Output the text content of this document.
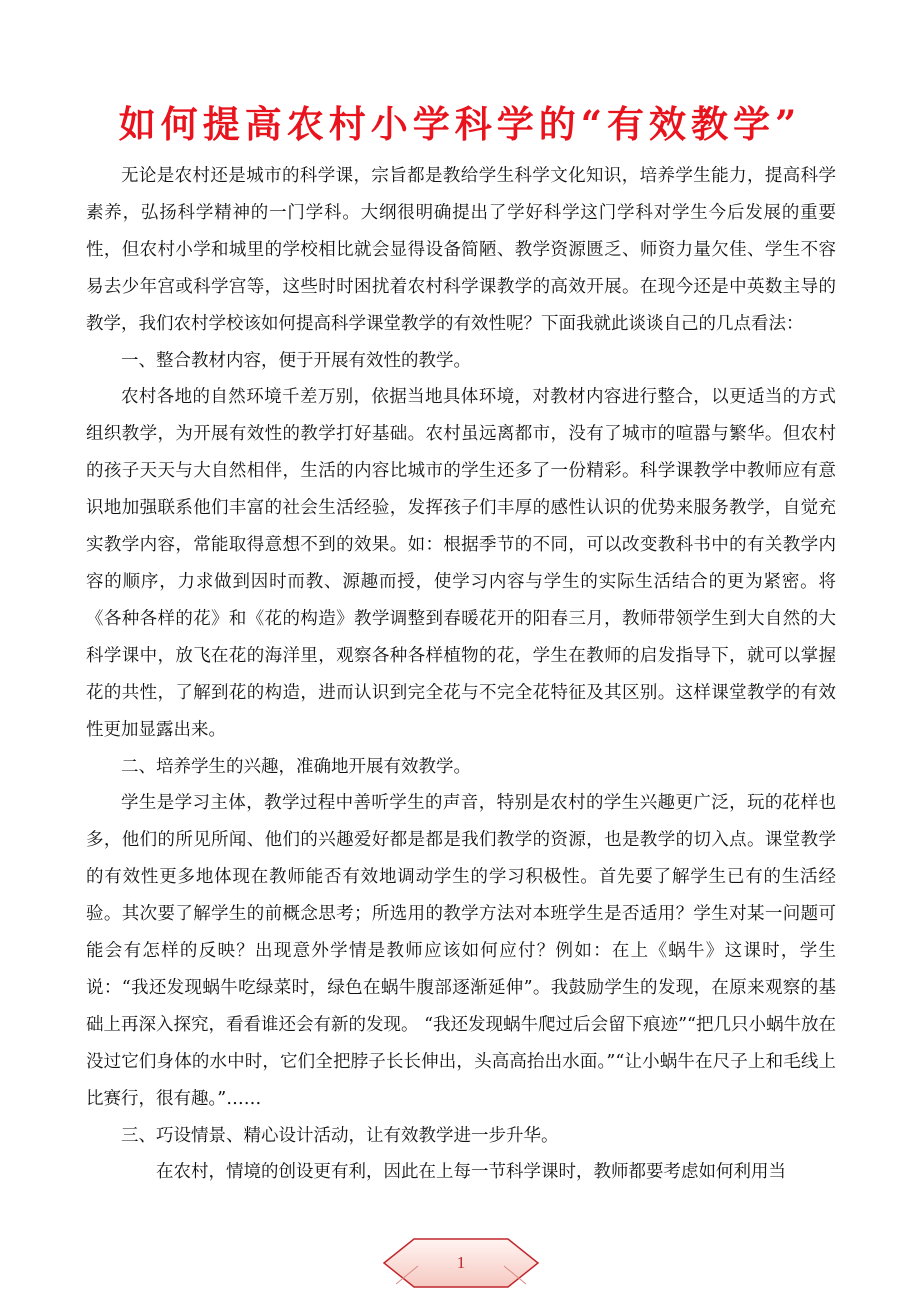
如何提高农村小学科学的“有效教学”

无论是农村还是城市的科学课，宗旨都是教给学生科学文化知识，培养学生能力，提高科学素养，弘扬科学精神的一门学科。大纲很明确提出了学好科学这门学科对学生今后发展的重要性，但农村小学和城里的学校相比就会显得设备简陋、教学资源匮乏、师资力量欠佳、学生不容易去少年宫或科学宫等，这些时时困扰着农村科学课教学的高效开展。在现今还是中英数主导的教学，我们农村学校该如何提高科学课堂教学的有效性呢？下面我就此谈谈自己的几点看法：

一、整合教材内容，便于开展有效性的教学。

农村各地的自然环境千差万别，依据当地具体环境，对教材内容进行整合，以更适当的方式组织教学，为开展有效性的教学打好基础。农村虽远离都市，没有了城市的喧嚣与繁华。但农村的孩子天天与大自然相伴，生活的内容比城市的学生还多了一份精彩。科学课教学中教师应有意识地加强联系他们丰富的社会生活经验，发挥孩子们丰厚的感性认识的优势来服务教学，自觉充实教学内容，常能取得意想不到的效果。如：根据季节的不同，可以改变教科书中的有关教学内容的顺序，力求做到因时而教、源趣而授，使学习内容与学生的实际生活结合的更为紧密。将《各种各样的花》和《花的构造》教学调整到春暖花开的阳春三月，教师带领学生到大自然的大科学课中，放飞在花的海洋里，观察各种各样植物的花，学生在教师的启发指导下，就可以掌握花的共性，了解到花的构造，进而认识到完全花与不完全花特征及其区别。这样课堂教学的有效性更加显露出来。

二、培养学生的兴趣，准确地开展有效教学。

学生是学习主体，教学过程中善听学生的声音，特别是农村的学生兴趣更广泛，玩的花样也多，他们的所见所闻、他们的兴趣爱好都是都是我们教学的资源，也是教学的切入点。课堂教学的有效性更多地体现在教师能否有效地调动学生的学习积极性。首先要了解学生已有的生活经验。其次要了解学生的前概念思考；所选用的教学方法对本班学生是否适用？学生对某一问题可能会有怎样的反映？出现意外学情是教师应该如何应付？例如：在上《蜗牛》这课时，学生说：“我还发现蜗牛吃绿菜时，绿色在蜗牛腹部逐渐延伸”。我鼓励学生的发现，在原来观察的基础上再深入探究，看看谁还会有新的发现。 “我还发现蜗牛爬过后会留下痕迹”“把几只小蜗牛放在没过它们身体的水中时，它们全把脖子长长伸出，头高高抬出水面。”“让小蜗牛在尺子上和毛线上比赛行，很有趣。”……

三、巧设情景、精心设计活动，让有效教学进一步升华。

在农村，情境的创设更有利，因此在上每一节科学课时，教师都要考虑如何利用当

1
